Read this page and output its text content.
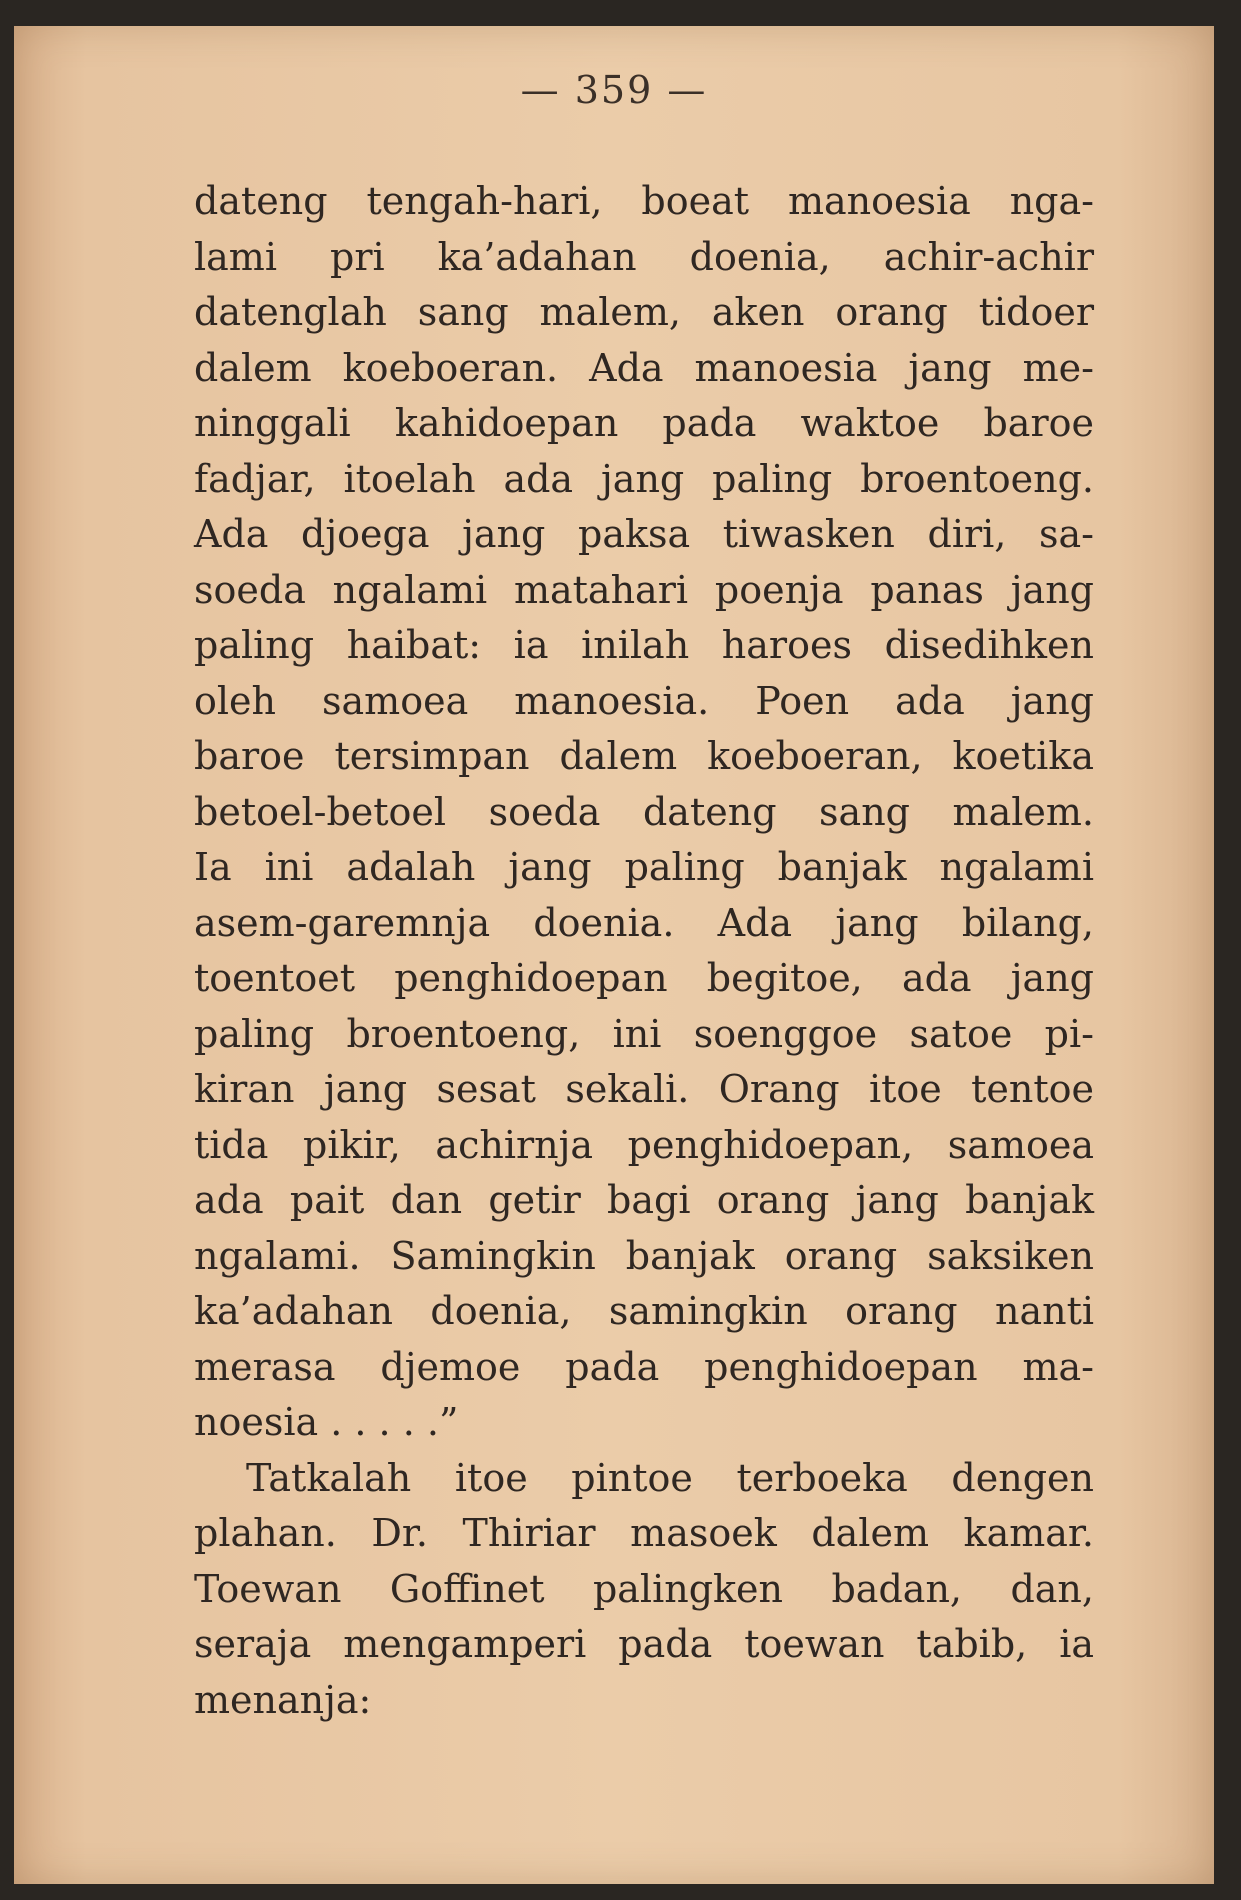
— 359 —
dateng tengah-hari, boeat manoesia nga-
lami pri ka’adahan doenia, achir-achir
datenglah sang malem, aken orang tidoer
dalem koeboeran. Ada manoesia jang me-
ninggali kahidoepan pada waktoe baroe
fadjar, itoelah ada jang paling broentoeng.
Ada djoega jang paksa tiwasken diri, sa-
soeda ngalami matahari poenja panas jang
paling haibat: ia inilah haroes disedihken
oleh samoea manoesia. Poen ada jang
baroe tersimpan dalem koeboeran, koetika
betoel-betoel soeda dateng sang malem.
Ia ini adalah jang paling banjak ngalami
asem-garemnja doenia. Ada jang bilang,
toentoet penghidoepan begitoe, ada jang
paling broentoeng, ini soenggoe satoe pi-
kiran jang sesat sekali. Orang itoe tentoe
tida pikir, achirnja penghidoepan, samoea
ada pait dan getir bagi orang jang banjak
ngalami. Samingkin banjak orang saksiken
ka’adahan doenia, samingkin orang nanti
merasa djemoe pada penghidoepan ma-
noesia . . . . .”
Tatkalah itoe pintoe terboeka dengen
plahan. Dr. Thiriar masoek dalem kamar.
Toewan Goffinet palingken badan, dan,
seraja mengamperi pada toewan tabib, ia
menanja:
